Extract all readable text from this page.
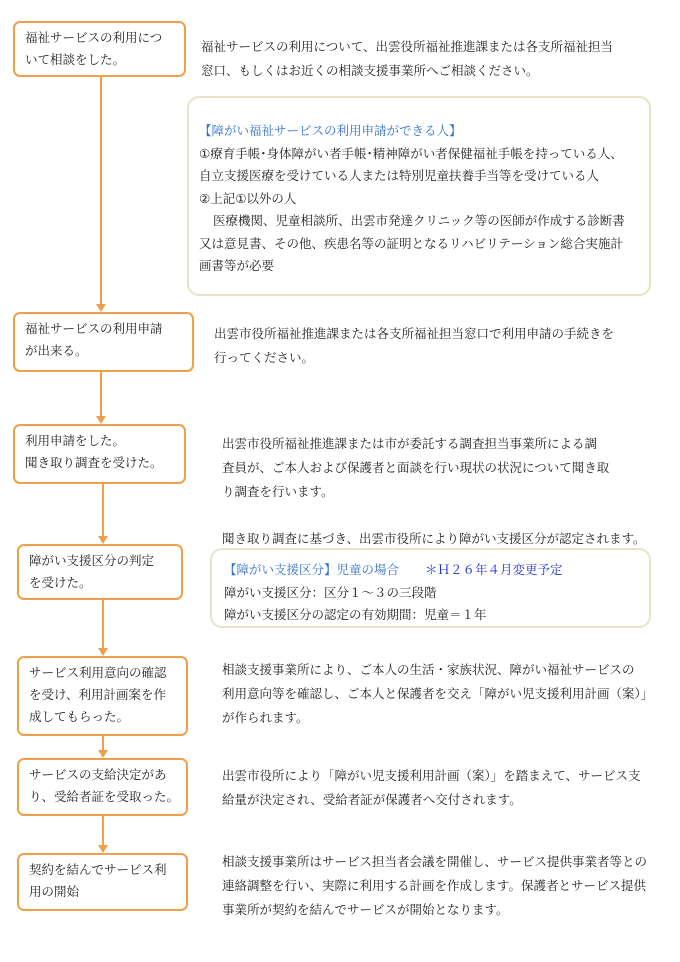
福祉サービスの利用につ
いて相談をした。
福祉サービスの利用申請
が出来る。
利用申請をした。
聞き取り調査を受けた。
障がい支援区分の判定
を受けた。
サービス利用意向の確認
を受け、利用計画案を作
成してもらった。
サービスの支給決定があ
り、受給者証を受取った。
契約を結んでサービス利
用の開始
福祉サービスの利用について、出雲役所福祉推進課または各支所福祉担当
窓口、もしくはお近くの相談支援事業所へご相談ください。
出雲市役所福祉推進課または各支所福祉担当窓口で利用申請の手続きを
行ってください。
出雲市役所福祉推進課または市が委託する調査担当事業所による調
査員が、ご本人および保護者と面談を行い現状の状況について聞き取
り調査を行います。
聞き取り調査に基づき、出雲市役所により障がい支援区分が認定されます。
相談支援事業所により、ご本人の生活・家族状況、障がい福祉サービスの
利用意向等を確認し、ご本人と保護者を交え「障がい児支援利用計画（案）」
が作られます。
出雲市役所により「障がい児支援利用計画（案）」を踏まえて、サービス支
給量が決定され、受給者証が保護者へ交付されます。
相談支援事業所はサービス担当者会議を開催し、サービス提供事業者等との
連絡調整を行い、実際に利用する計画を作成します。保護者とサービス提供
事業所が契約を結んでサービスが開始となります。
【障がい福祉サービスの利用申請ができる人】
①療育手帳･身体障がい者手帳･精神障がい者保健福祉手帳を持っている人、
自立支援医療を受けている人または特別児童扶養手当等を受けている人
②上記①以外の人
医療機関、児童相談所、出雲市発達クリニック等の医師が作成する診断書
又は意見書、その他、疾患名等の証明となるリハビリテーション総合実施計
画書等が必要
【障がい支援区分】児童の場合 ＊Ｈ２６年４月変更予定
障がい支援区分：区分１～３の三段階
障がい支援区分の認定の有効期間：児童＝１年
